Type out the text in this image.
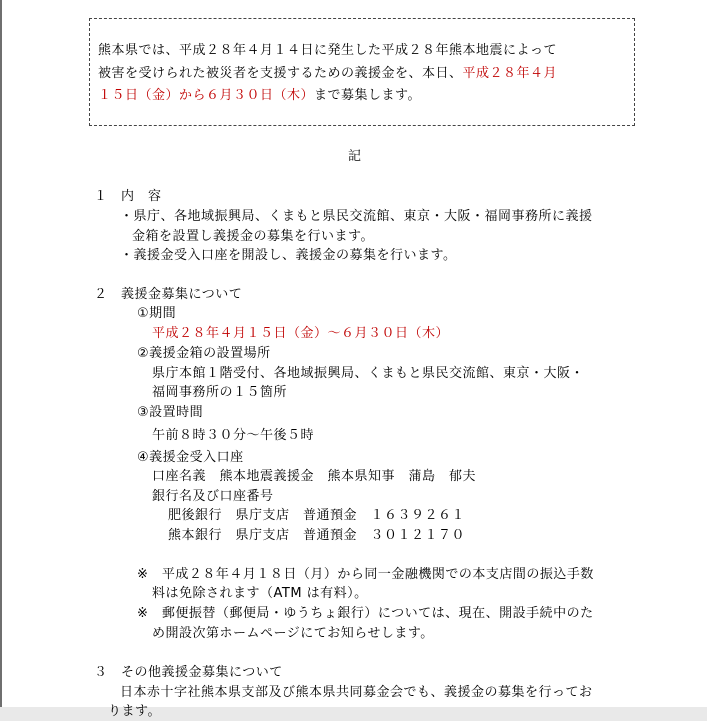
熊本県では、平成２８年４月１４日に発生した平成２８年熊本地震によって
被害を受けられた被災者を支援するための義援金を、本日、平成２８年４月
１５日（金）から６月３０日（木）まで募集します。
記
１　内　容
・県庁、各地域振興局、くまもと県民交流館、東京・大阪・福岡事務所に義援
金箱を設置し義援金の募集を行います。
・義援金受入口座を開設し、義援金の募集を行います。
２　義援金募集について
①期間
平成２８年４月１５日（金）～６月３０日（木）
②義援金箱の設置場所
県庁本館１階受付、各地域振興局、くまもと県民交流館、東京・大阪・
福岡事務所の１５箇所
③設置時間
午前８時３０分～午後５時
④義援金受入口座
口座名義　熊本地震義援金　熊本県知事　蒲島　郁夫
銀行名及び口座番号
肥後銀行　県庁支店　普通預金　１６３９２６１
熊本銀行　県庁支店　普通預金　３０１２１７０
※　平成２８年４月１８日（月）から同一金融機関での本支店間の振込手数
料は免除されます（ATM は有料）。
※　郵便振替（郵便局・ゆうちょ銀行）については、現在、開設手続中のた
め開設次第ホームページにてお知らせします。
３　その他義援金募集について
日本赤十字社熊本県支部及び熊本県共同募金会でも、義援金の募集を行ってお
ります。
